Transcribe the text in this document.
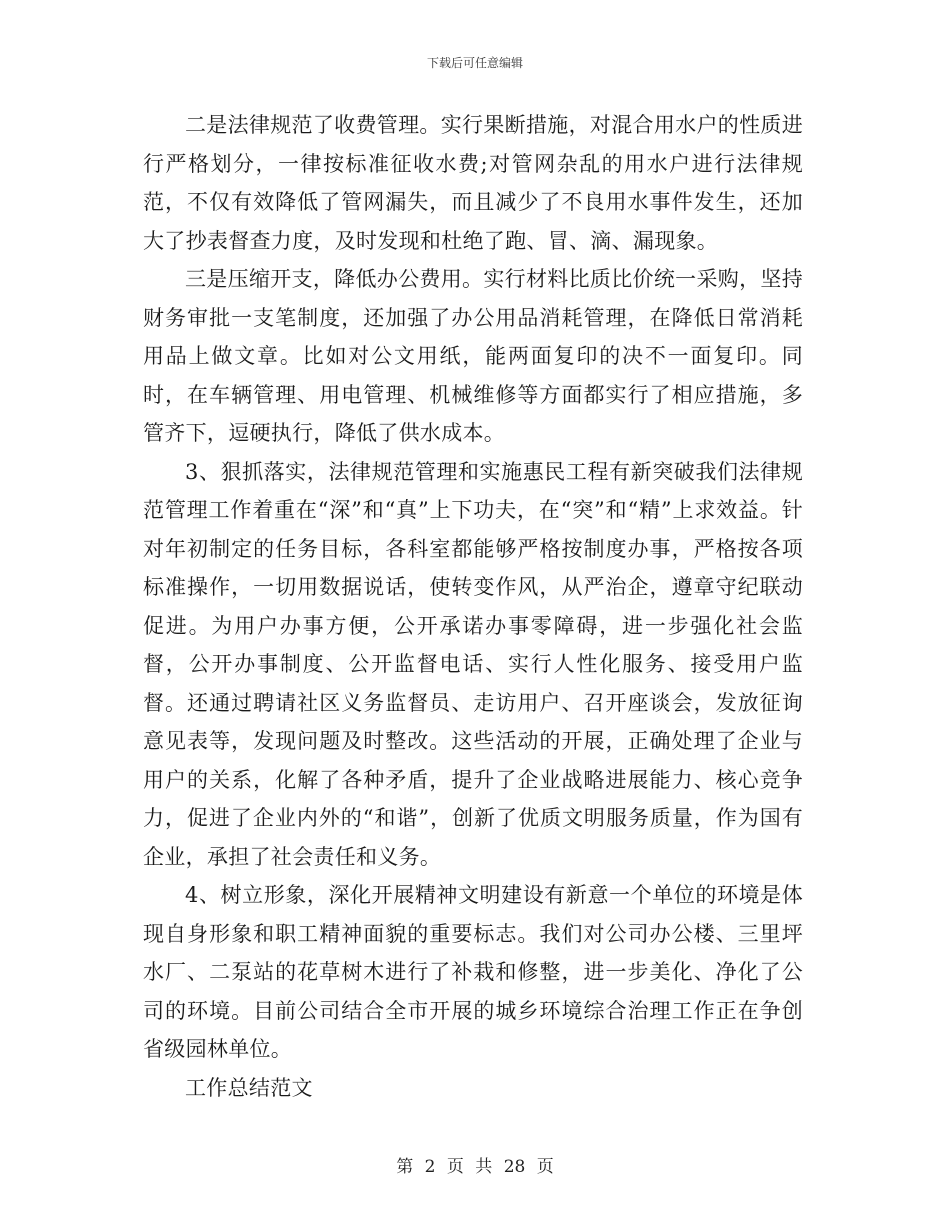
下载后可任意编辑

二是法律规范了收费管理。实行果断措施，对混合用水户的性质进行严格划分，一律按标准征收水费;对管网杂乱的用水户进行法律规范，不仅有效降低了管网漏失，而且减少了不良用水事件发生，还加大了抄表督查力度，及时发现和杜绝了跑、冒、滴、漏现象。

三是压缩开支，降低办公费用。实行材料比质比价统一采购，坚持财务审批一支笔制度，还加强了办公用品消耗管理，在降低日常消耗用品上做文章。比如对公文用纸，能两面复印的决不一面复印。同时，在车辆管理、用电管理、机械维修等方面都实行了相应措施，多管齐下，逗硬执行，降低了供水成本。

3、狠抓落实，法律规范管理和实施惠民工程有新突破我们法律规范管理工作着重在“深”和“真”上下功夫，在“突”和“精”上求效益。针对年初制定的任务目标，各科室都能够严格按制度办事，严格按各项标准操作，一切用数据说话，使转变作风，从严治企，遵章守纪联动促进。为用户办事方便，公开承诺办事零障碍，进一步强化社会监督，公开办事制度、公开监督电话、实行人性化服务、接受用户监督。还通过聘请社区义务监督员、走访用户、召开座谈会，发放征询意见表等，发现问题及时整改。这些活动的开展，正确处理了企业与用户的关系，化解了各种矛盾，提升了企业战略进展能力、核心竞争力，促进了企业内外的“和谐”，创新了优质文明服务质量，作为国有企业，承担了社会责任和义务。

4、树立形象，深化开展精神文明建设有新意一个单位的环境是体现自身形象和职工精神面貌的重要标志。我们对公司办公楼、三里坪水厂、二泵站的花草树木进行了补栽和修整，进一步美化、净化了公司的环境。目前公司结合全市开展的城乡环境综合治理工作正在争创省级园林单位。

工作总结范文

第 2 页 共 28 页
